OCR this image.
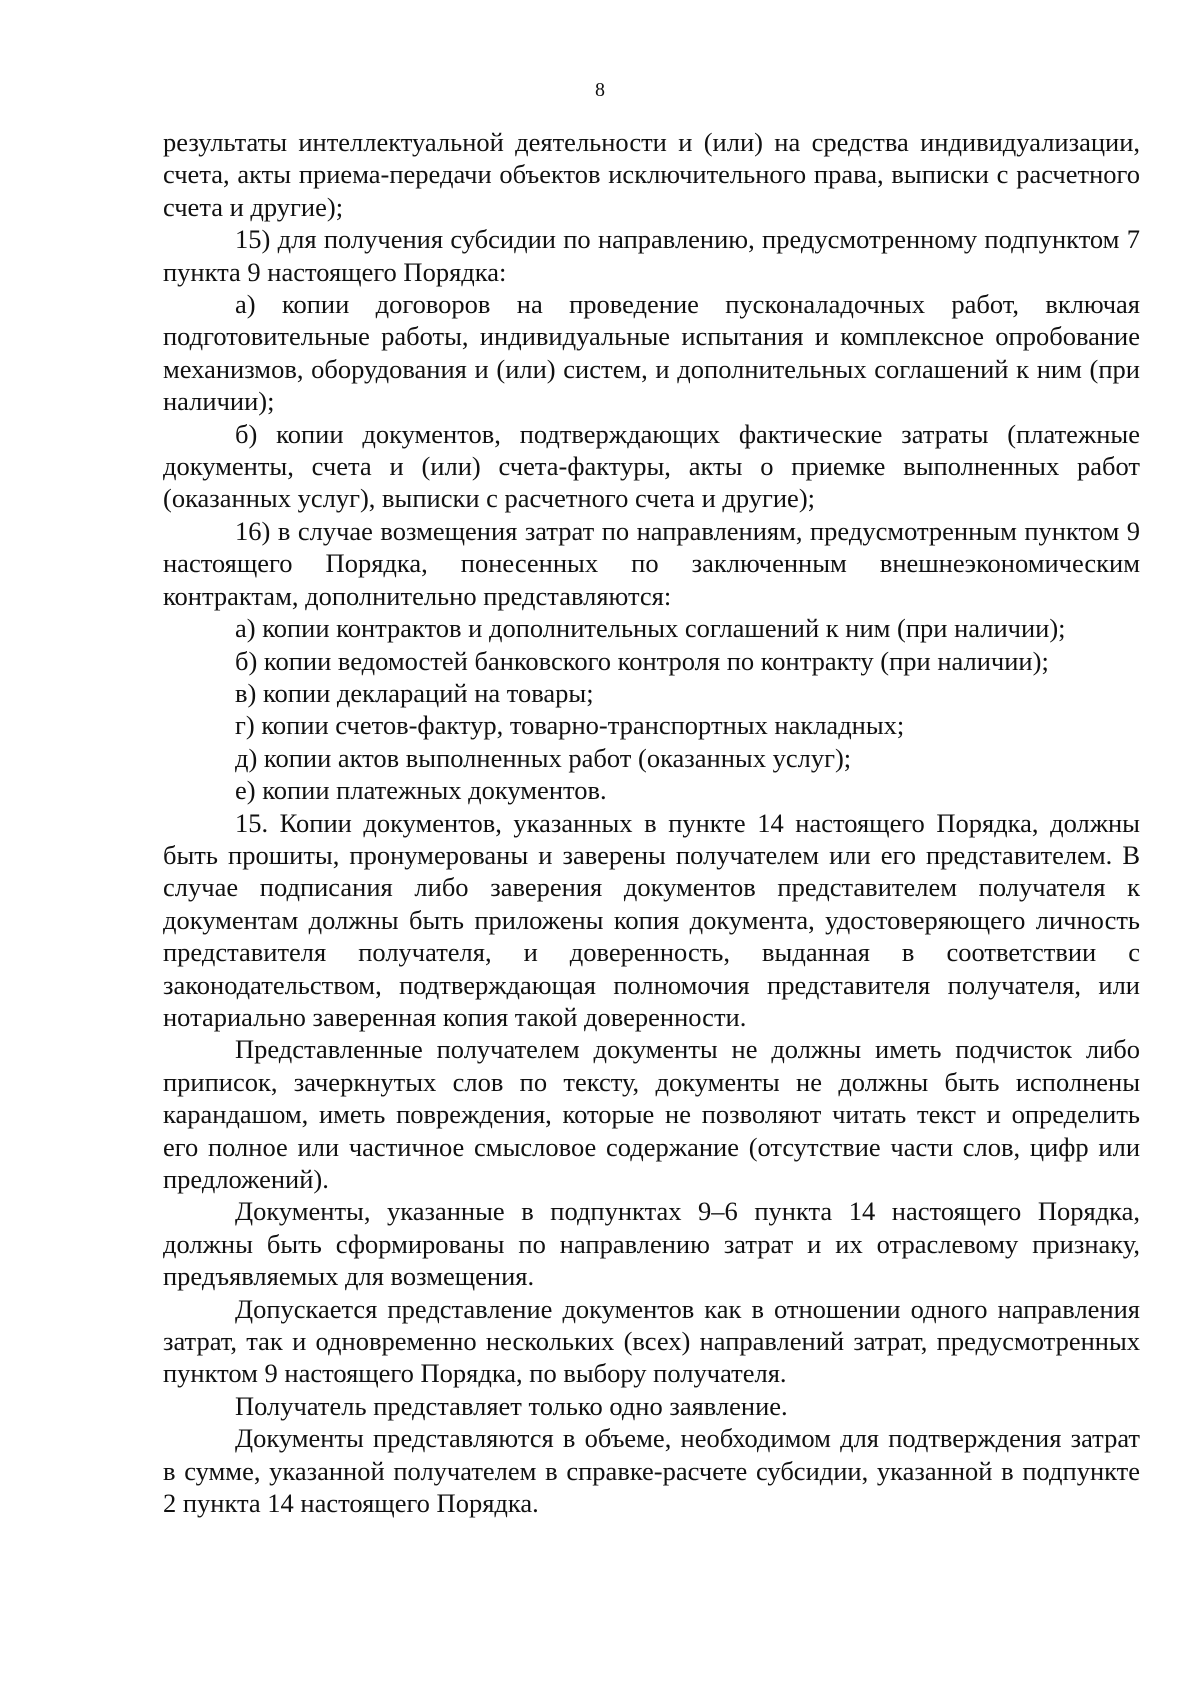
8

результаты интеллектуальной деятельности и (или) на средства индивидуализации, счета, акты приема-передачи объектов исключительного права, выписки с расчетного счета и другие);

15) для получения субсидии по направлению, предусмотренному подпунктом 7 пункта 9 настоящего Порядка:

а) копии договоров на проведение пусконаладочных работ, включая подготовительные работы, индивидуальные испытания и комплексное опробование механизмов, оборудования и (или) систем, и дополнительных соглашений к ним (при наличии);

б) копии документов, подтверждающих фактические затраты (платежные документы, счета и (или) счета-фактуры, акты о приемке выполненных работ (оказанных услуг), выписки с расчетного счета и другие);

16) в случае возмещения затрат по направлениям, предусмотренным пунктом 9 настоящего Порядка, понесенных по заключенным внешнеэкономическим контрактам, дополнительно представляются:

а) копии контрактов и дополнительных соглашений к ним (при наличии);

б) копии ведомостей банковского контроля по контракту (при наличии);

в) копии деклараций на товары;

г) копии счетов-фактур, товарно-транспортных накладных;

д) копии актов выполненных работ (оказанных услуг);

е) копии платежных документов.

15. Копии документов, указанных в пункте 14 настоящего Порядка, должны быть прошиты, пронумерованы и заверены получателем или его представителем. В случае подписания либо заверения документов представителем получателя к документам должны быть приложены копия документа, удостоверяющего личность представителя получателя, и доверенность, выданная в соответствии с законодательством, подтверждающая полномочия представителя получателя, или нотариально заверенная копия такой доверенности.

Представленные получателем документы не должны иметь подчисток либо приписок, зачеркнутых слов по тексту, документы не должны быть исполнены карандашом, иметь повреждения, которые не позволяют читать текст и определить его полное или частичное смысловое содержание (отсутствие части слов, цифр или предложений).

Документы, указанные в подпунктах 9–6 пункта 14 настоящего Порядка, должны быть сформированы по направлению затрат и их отраслевому признаку, предъявляемых для возмещения.

Допускается представление документов как в отношении одного направления затрат, так и одновременно нескольких (всех) направлений затрат, предусмотренных пунктом 9 настоящего Порядка, по выбору получателя.

Получатель представляет только одно заявление.

Документы представляются в объеме, необходимом для подтверждения затрат в сумме, указанной получателем в справке-расчете субсидии, указанной в подпункте 2 пункта 14 настоящего Порядка.
